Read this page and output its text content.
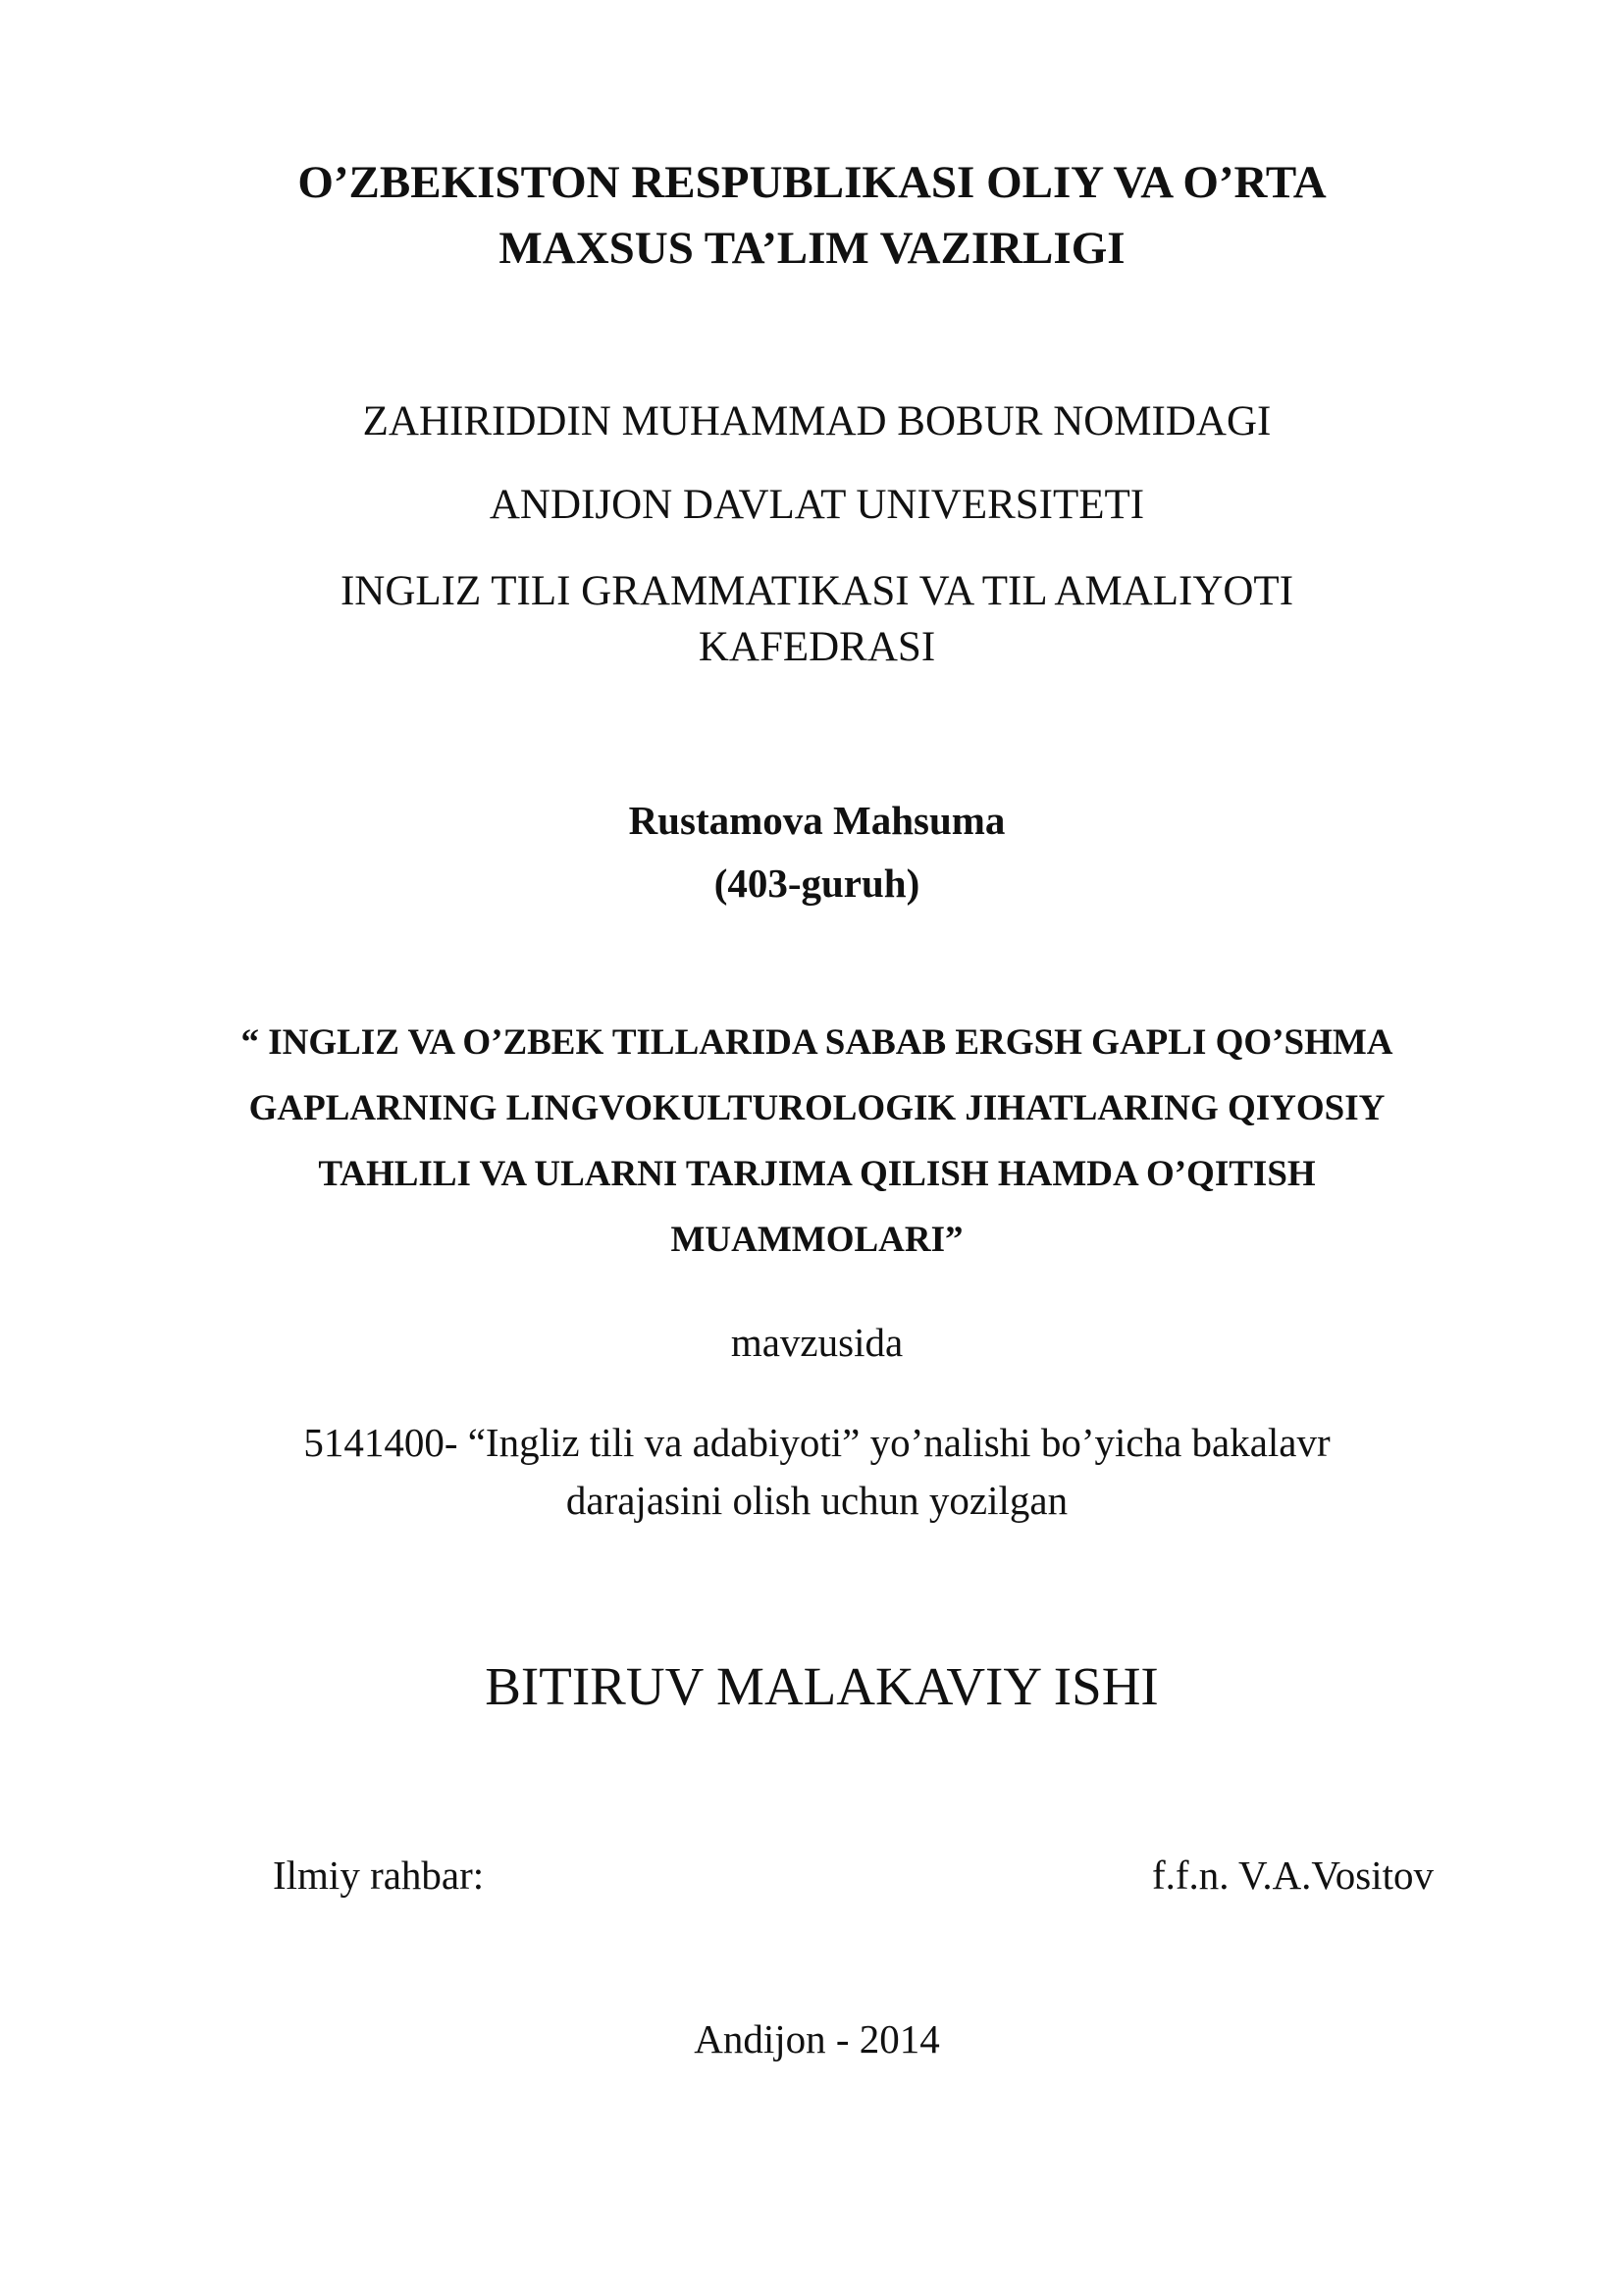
O’ZBEKISTON RESPUBLIKASI OLIY VA O’RTA
MAXSUS TA’LIM VAZIRLIGI
ZAHIRIDDIN MUHAMMAD BOBUR NOMIDAGI
ANDIJON DAVLAT UNIVERSITETI
INGLIZ TILI GRAMMATIKASI VA TIL AMALIYOTI
KAFEDRASI
Rustamova Mahsuma
(403-guruh)
“ INGLIZ VA O’ZBEK TILLARIDA SABAB ERGSH GAPLI QO’SHMA
GAPLARNING LINGVOKULTUROLOGIK JIHATLARING QIYOSIY
TAHLILI VA ULARNI TARJIMA QILISH HAMDA O’QITISH
MUAMMOLARI”
mavzusida
5141400- “Ingliz tili va adabiyoti” yo’nalishi bo’yicha bakalavr
darajasini olish uchun yozilgan
BITIRUV MALAKAVIY ISHI
Ilmiy rahbar:	f.f.n. V.A.Vositov
Andijon - 2014
